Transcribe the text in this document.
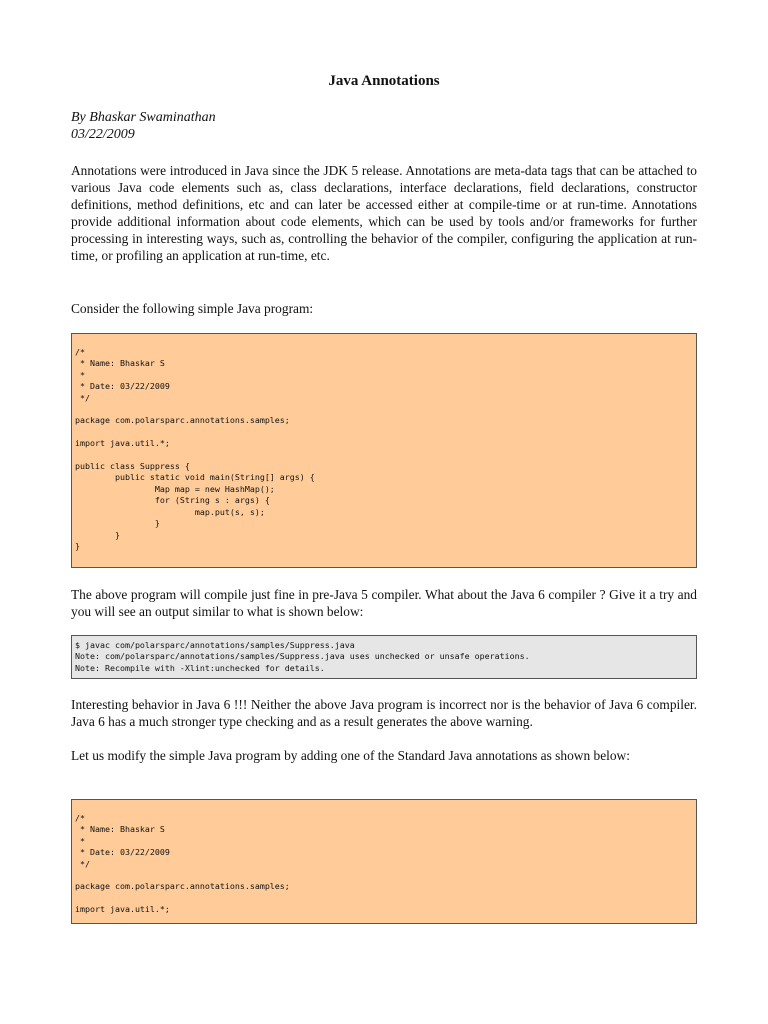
Java Annotations
By Bhaskar Swaminathan
03/22/2009

Annotations were introduced in Java since the JDK 5 release. Annotations are meta-data tags that can be attached to various Java code elements such as, class declarations, interface declarations, field declarations, constructor definitions, method definitions, etc and can later be accessed either at compile-time or at run-time. Annotations provide additional information about code elements, which can be used by tools and/or frameworks for further processing in interesting ways, such as, controlling the behavior of the compiler, configuring the application at run-time, or profiling an application at run-time, etc.

Consider the following simple Java program:

/*
* Name: Bhaskar S
*
* Date: 03/22/2009
*/

package com.polarsparc.annotations.samples;

import java.util.*;

public class Suppress {
public static void main(String[] args) {
Map map = new HashMap();
for (String s : args) {
map.put(s, s);
}
}
}

The above program will compile just fine in pre-Java 5 compiler. What about the Java 6 compiler ? Give it a try and you will see an output similar to what is shown below:

$ javac com/polarsparc/annotations/samples/Suppress.java
Note: com/polarsparc/annotations/samples/Suppress.java uses unchecked or unsafe operations.
Note: Recompile with -Xlint:unchecked for details.

Interesting behavior in Java 6 !!! Neither the above Java program is incorrect nor is the behavior of Java 6 compiler. Java 6 has a much stronger type checking and as a result generates the above warning.

Let us modify the simple Java program by adding one of the Standard Java annotations as shown below:

/*
* Name: Bhaskar S
*
* Date: 03/22/2009
*/

package com.polarsparc.annotations.samples;

import java.util.*;
